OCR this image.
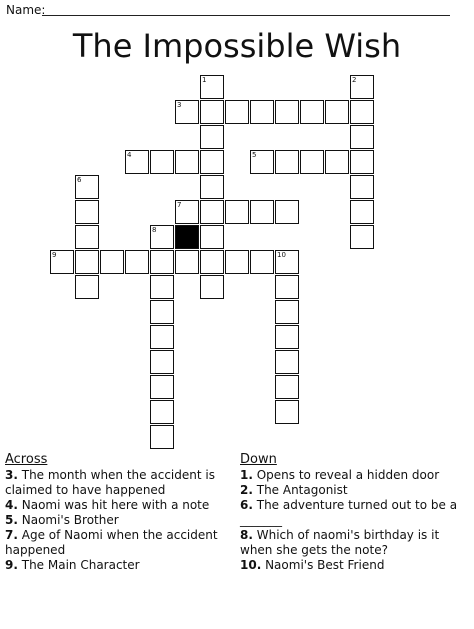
Name:
The Impossible Wish
1	2
3
4	5
6
7
8
9	10
Across
3. The month when the accident is claimed to have happened
4. Naomi was hit here with a note
5. Naomi's Brother
7. Age of Naomi when the accident happened
9. The Main Character
Down
1. Opens to reveal a hidden door
2. The Antagonist
6. The adventure turned out to be a _______
8. Which of naomi's birthday is it when she gets the note?
10. Naomi's Best Friend
